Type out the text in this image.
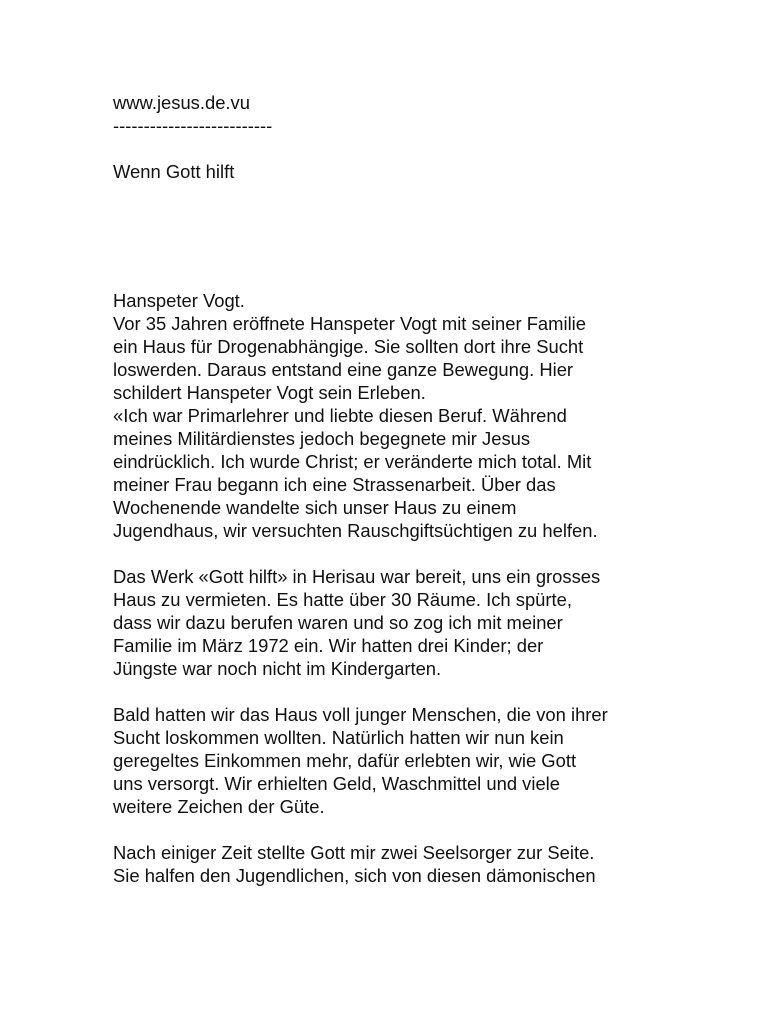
www.jesus.de.vu
--------------------------
Wenn Gott hilft
Hanspeter Vogt.
Vor 35 Jahren eröffnete Hanspeter Vogt mit seiner Familie
ein Haus für Drogenabhängige. Sie sollten dort ihre Sucht
loswerden. Daraus entstand eine ganze Bewegung. Hier
schildert Hanspeter Vogt sein Erleben.
«Ich war Primarlehrer und liebte diesen Beruf. Während
meines Militärdienstes jedoch begegnete mir Jesus
eindrücklich. Ich wurde Christ; er veränderte mich total. Mit
meiner Frau begann ich eine Strassenarbeit. Über das
Wochenende wandelte sich unser Haus zu einem
Jugendhaus, wir versuchten Rauschgiftsüchtigen zu helfen.
Das Werk «Gott hilft» in Herisau war bereit, uns ein grosses
Haus zu vermieten. Es hatte über 30 Räume. Ich spürte,
dass wir dazu berufen waren und so zog ich mit meiner
Familie im März 1972 ein. Wir hatten drei Kinder; der
Jüngste war noch nicht im Kindergarten.
Bald hatten wir das Haus voll junger Menschen, die von ihrer
Sucht loskommen wollten. Natürlich hatten wir nun kein
geregeltes Einkommen mehr, dafür erlebten wir, wie Gott
uns versorgt. Wir erhielten Geld, Waschmittel und viele
weitere Zeichen der Güte.
Nach einiger Zeit stellte Gott mir zwei Seelsorger zur Seite.
Sie halfen den Jugendlichen, sich von diesen dämonischen
